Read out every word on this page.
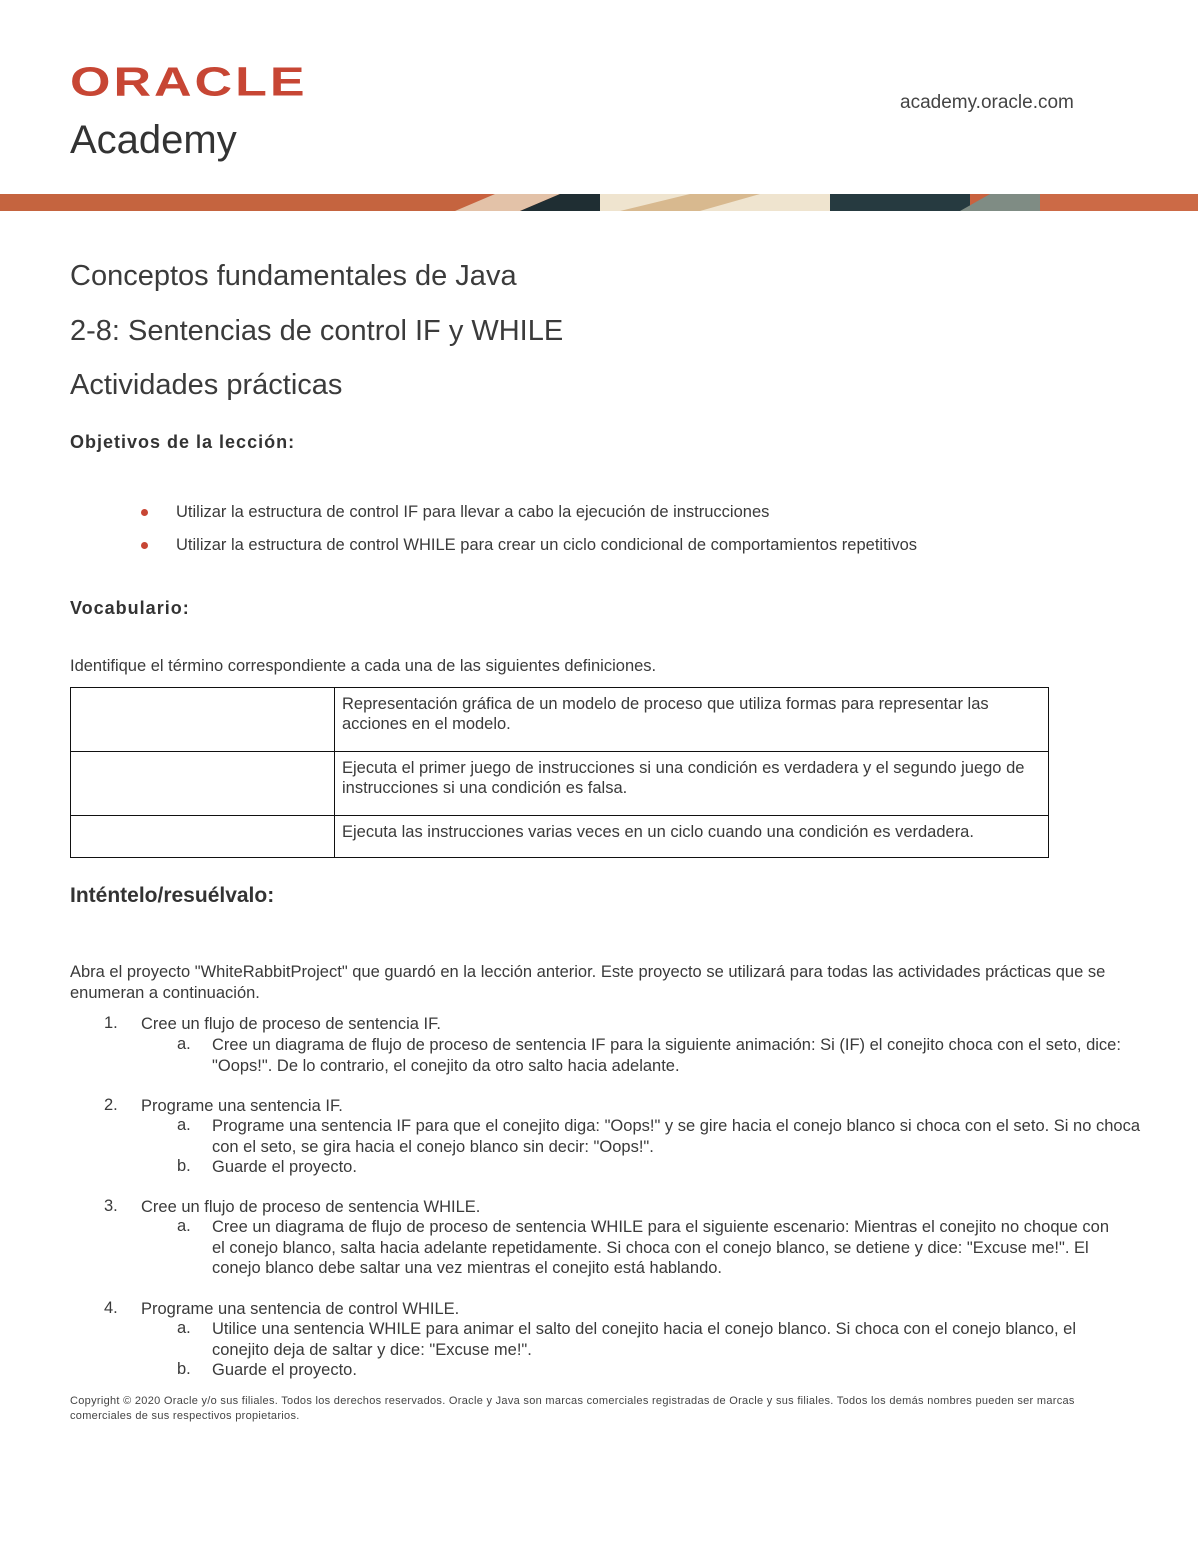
ORACLE
Academy
academy.oracle.com
Conceptos fundamentales de Java
2-8: Sentencias de control IF y WHILE
Actividades prácticas
Objetivos de la lección:
Utilizar la estructura de control IF para llevar a cabo la ejecución de instrucciones
Utilizar la estructura de control WHILE para crear un ciclo condicional de comportamientos repetitivos
Vocabulario:
Identifique el término correspondiente a cada una de las siguientes definiciones.
	Representación gráfica de un modelo de proceso que utiliza formas para representar las acciones en el modelo.
	Ejecuta el primer juego de instrucciones si una condición es verdadera y el segundo juego de instrucciones si una condición es falsa.
	Ejecuta las instrucciones varias veces en un ciclo cuando una condición es verdadera.
Inténtelo/resuélvalo:
Abra el proyecto "WhiteRabbitProject" que guardó en la lección anterior. Este proyecto se utilizará para todas las actividades prácticas que se enumeran a continuación.
1. Cree un flujo de proceso de sentencia IF.
a. Cree un diagrama de flujo de proceso de sentencia IF para la siguiente animación: Si (IF) el conejito choca con el seto, dice: "Oops!". De lo contrario, el conejito da otro salto hacia adelante.
2. Programe una sentencia IF.
a. Programe una sentencia IF para que el conejito diga: "Oops!" y se gire hacia el conejo blanco si choca con el seto. Si no choca con el seto, se gira hacia el conejo blanco sin decir: "Oops!".
b. Guarde el proyecto.
3. Cree un flujo de proceso de sentencia WHILE.
a. Cree un diagrama de flujo de proceso de sentencia WHILE para el siguiente escenario: Mientras el conejito no choque con el conejo blanco, salta hacia adelante repetidamente. Si choca con el conejo blanco, se detiene y dice: "Excuse me!". El conejo blanco debe saltar una vez mientras el conejito está hablando.
4. Programe una sentencia de control WHILE.
a. Utilice una sentencia WHILE para animar el salto del conejito hacia el conejo blanco. Si choca con el conejo blanco, el conejito deja de saltar y dice: "Excuse me!".
b. Guarde el proyecto.
Copyright © 2020 Oracle y/o sus filiales. Todos los derechos reservados. Oracle y Java son marcas comerciales registradas de Oracle y sus filiales. Todos los demás nombres pueden ser marcas comerciales de sus respectivos propietarios.
